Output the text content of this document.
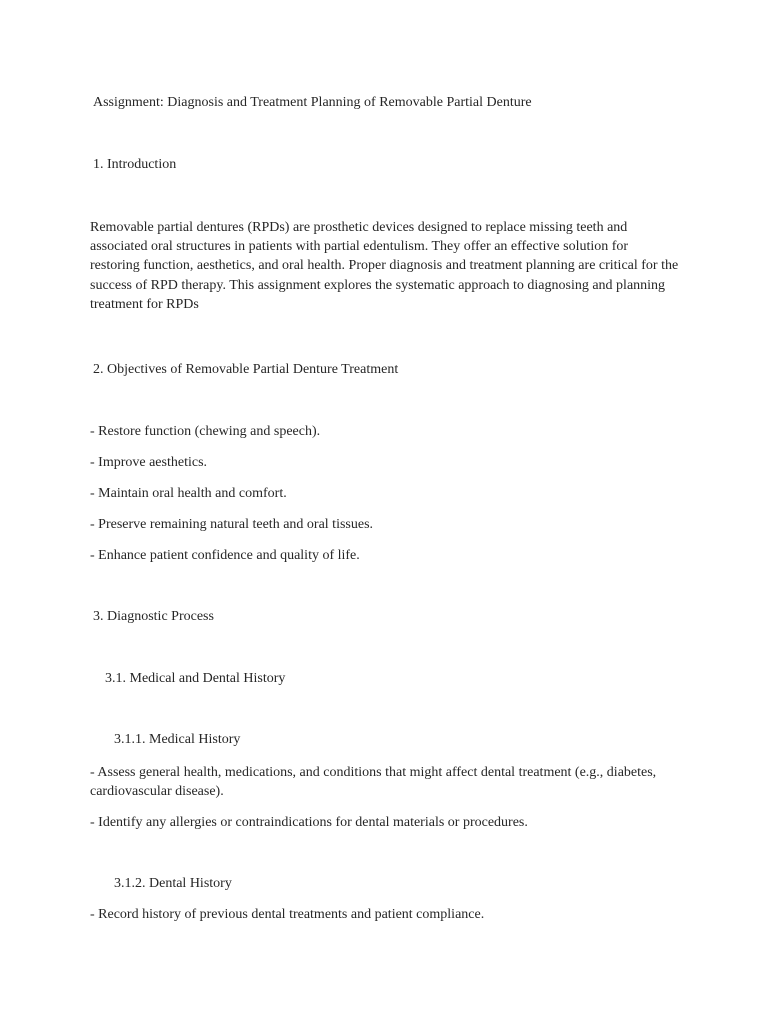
Assignment: Diagnosis and Treatment Planning of Removable Partial Denture
1. Introduction
Removable partial dentures (RPDs) are prosthetic devices designed to replace missing teeth and associated oral structures in patients with partial edentulism. They offer an effective solution for restoring function, aesthetics, and oral health. Proper diagnosis and treatment planning are critical for the success of RPD therapy. This assignment explores the systematic approach to diagnosing and planning treatment for RPDs
2. Objectives of Removable Partial Denture Treatment
- Restore function (chewing and speech).
- Improve aesthetics.
- Maintain oral health and comfort.
- Preserve remaining natural teeth and oral tissues.
- Enhance patient confidence and quality of life.
3. Diagnostic Process
3.1. Medical and Dental History
3.1.1. Medical History
- Assess general health, medications, and conditions that might affect dental treatment (e.g., diabetes, cardiovascular disease).
- Identify any allergies or contraindications for dental materials or procedures.
3.1.2. Dental History
- Record history of previous dental treatments and patient compliance.
